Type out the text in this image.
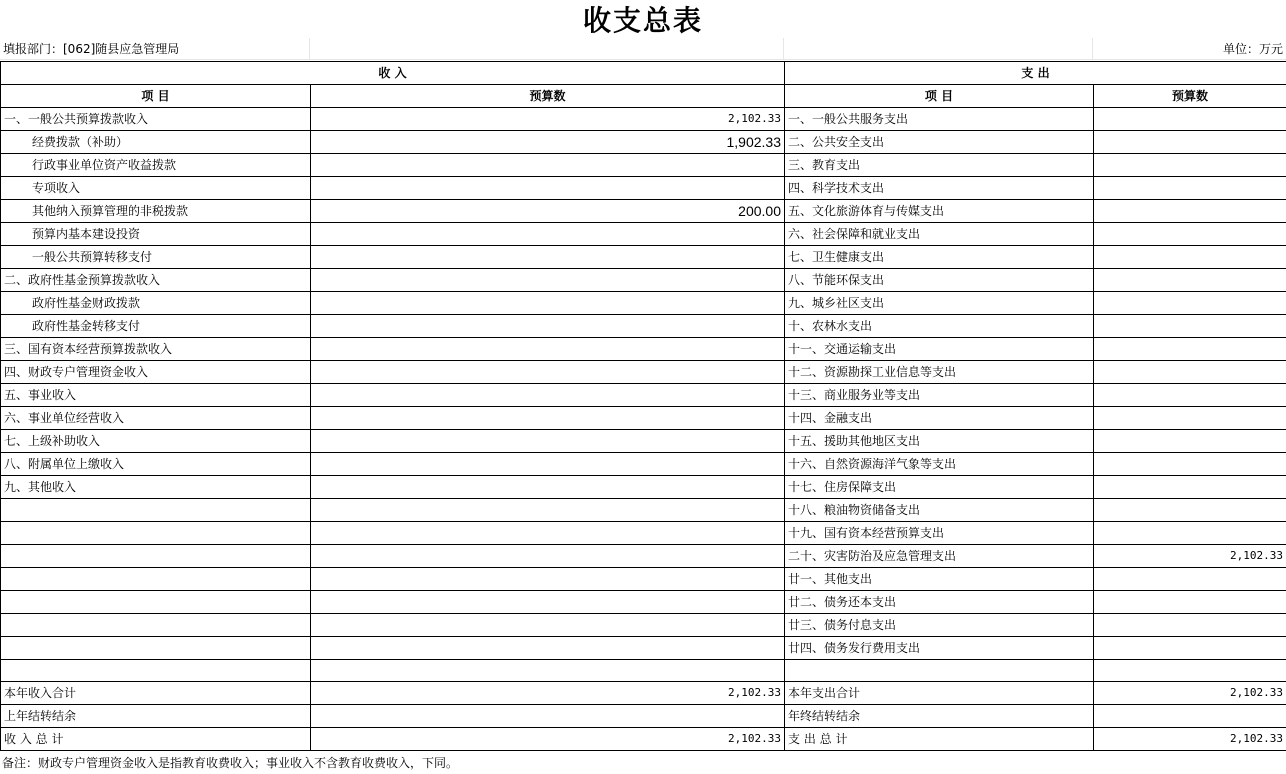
收支总表
填报部门：[062]随县应急管理局	单位：万元
收 入		支 出	
项 目	预算数	项 目	预算数
一、一般公共预算拨款收入	2,102.33	一、一般公共服务支出	
经费拨款（补助）	1,902.33	二、公共安全支出	
行政事业单位资产收益拨款		三、教育支出	
专项收入		四、科学技术支出	
其他纳入预算管理的非税拨款	200.00	五、文化旅游体育与传媒支出	
预算内基本建设投资		六、社会保障和就业支出	
一般公共预算转移支付		七、卫生健康支出	
二、政府性基金预算拨款收入		八、节能环保支出	
政府性基金财政拨款		九、城乡社区支出	
政府性基金转移支付		十、农林水支出	
三、国有资本经营预算拨款收入		十一、交通运输支出	
四、财政专户管理资金收入		十二、资源勘探工业信息等支出	
五、事业收入		十三、商业服务业等支出	
六、事业单位经营收入		十四、金融支出	
七、上级补助收入		十五、援助其他地区支出	
八、附属单位上缴收入		十六、自然资源海洋气象等支出	
九、其他收入		十七、住房保障支出	
		十八、粮油物资储备支出	
		十九、国有资本经营预算支出	
		二十、灾害防治及应急管理支出	2,102.33
		廿一、其他支出	
		廿二、债务还本支出	
		廿三、债务付息支出	
		廿四、债务发行费用支出	

本年收入合计	2,102.33	本年支出合计	2,102.33
上年结转结余		年终结转结余	
收 入 总 计	2,102.33	支 出 总 计	2,102.33
备注：财政专户管理资金收入是指教育收费收入；事业收入不含教育收费收入，下同。
